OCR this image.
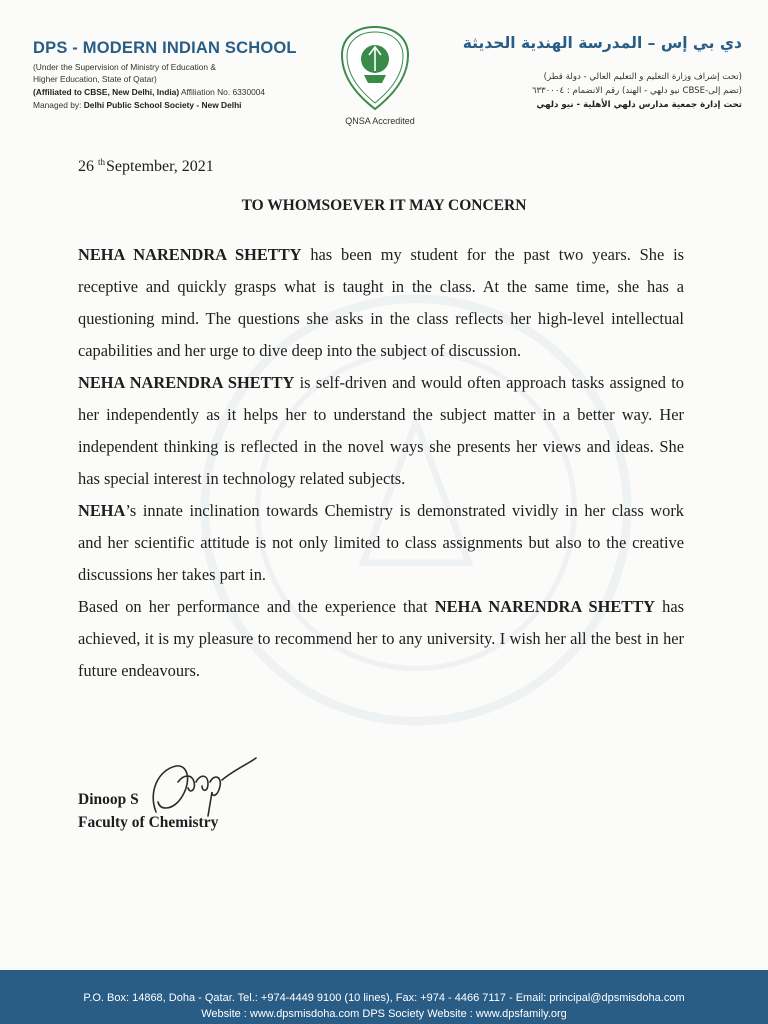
DPS - MODERN INDIAN SCHOOL
(Under the Supervision of Ministry of Education &
Higher Education, State of Qatar)
(Affiliated to CBSE, New Delhi, India) Affiliation No. 6330004
Managed by: Delhi Public School Society - New Delhi
QNSA Accredited
دي بي إس – المدرسة الهندية الحديثة
(تحت إشراف وزارة التعليم و التعليم العالي - دولة قطر)
(تضم إلى-CBSE نيو دلهي - الهند) رقم الانضمام : ٦٣٣٠٠٠٤
تحت إدارة جمعية مدارس دلهي الأهلية - نيو دلهي
26 $^{th}$September, 2021
TO WHOMSOEVER IT MAY CONCERN

NEHA NARENDRA SHETTY has been my student for the past two years. She is receptive and quickly grasps what is taught in the class. At the same time, she has a questioning mind. The questions she asks in the class reflects her high-level intellectual capabilities and her urge to dive deep into the subject of discussion.

NEHA NARENDRA SHETTY is self-driven and would often approach tasks assigned to her independently as it helps her to understand the subject matter in a better way. Her independent thinking is reflected in the novel ways she presents her views and ideas. She has special interest in technology related subjects.

NEHA’s innate inclination towards Chemistry is demonstrated vividly in her class work and her scientific attitude is not only limited to class assignments but also to the creative discussions her takes part in.

Based on her performance and the experience that NEHA NARENDRA SHETTY has achieved, it is my pleasure to recommend her to any university. I wish her all the best in her future endeavours.

Dinoop S
Faculty of Chemistry
P.O. Box: 14868, Doha - Qatar. Tel.: +974-4449 9100 (10 lines), Fax: +974 - 4466 7117 - Email: principal@dpsmisdoha.com
Website : www.dpsmisdoha.com DPS Society Website : www.dpsfamily.org
